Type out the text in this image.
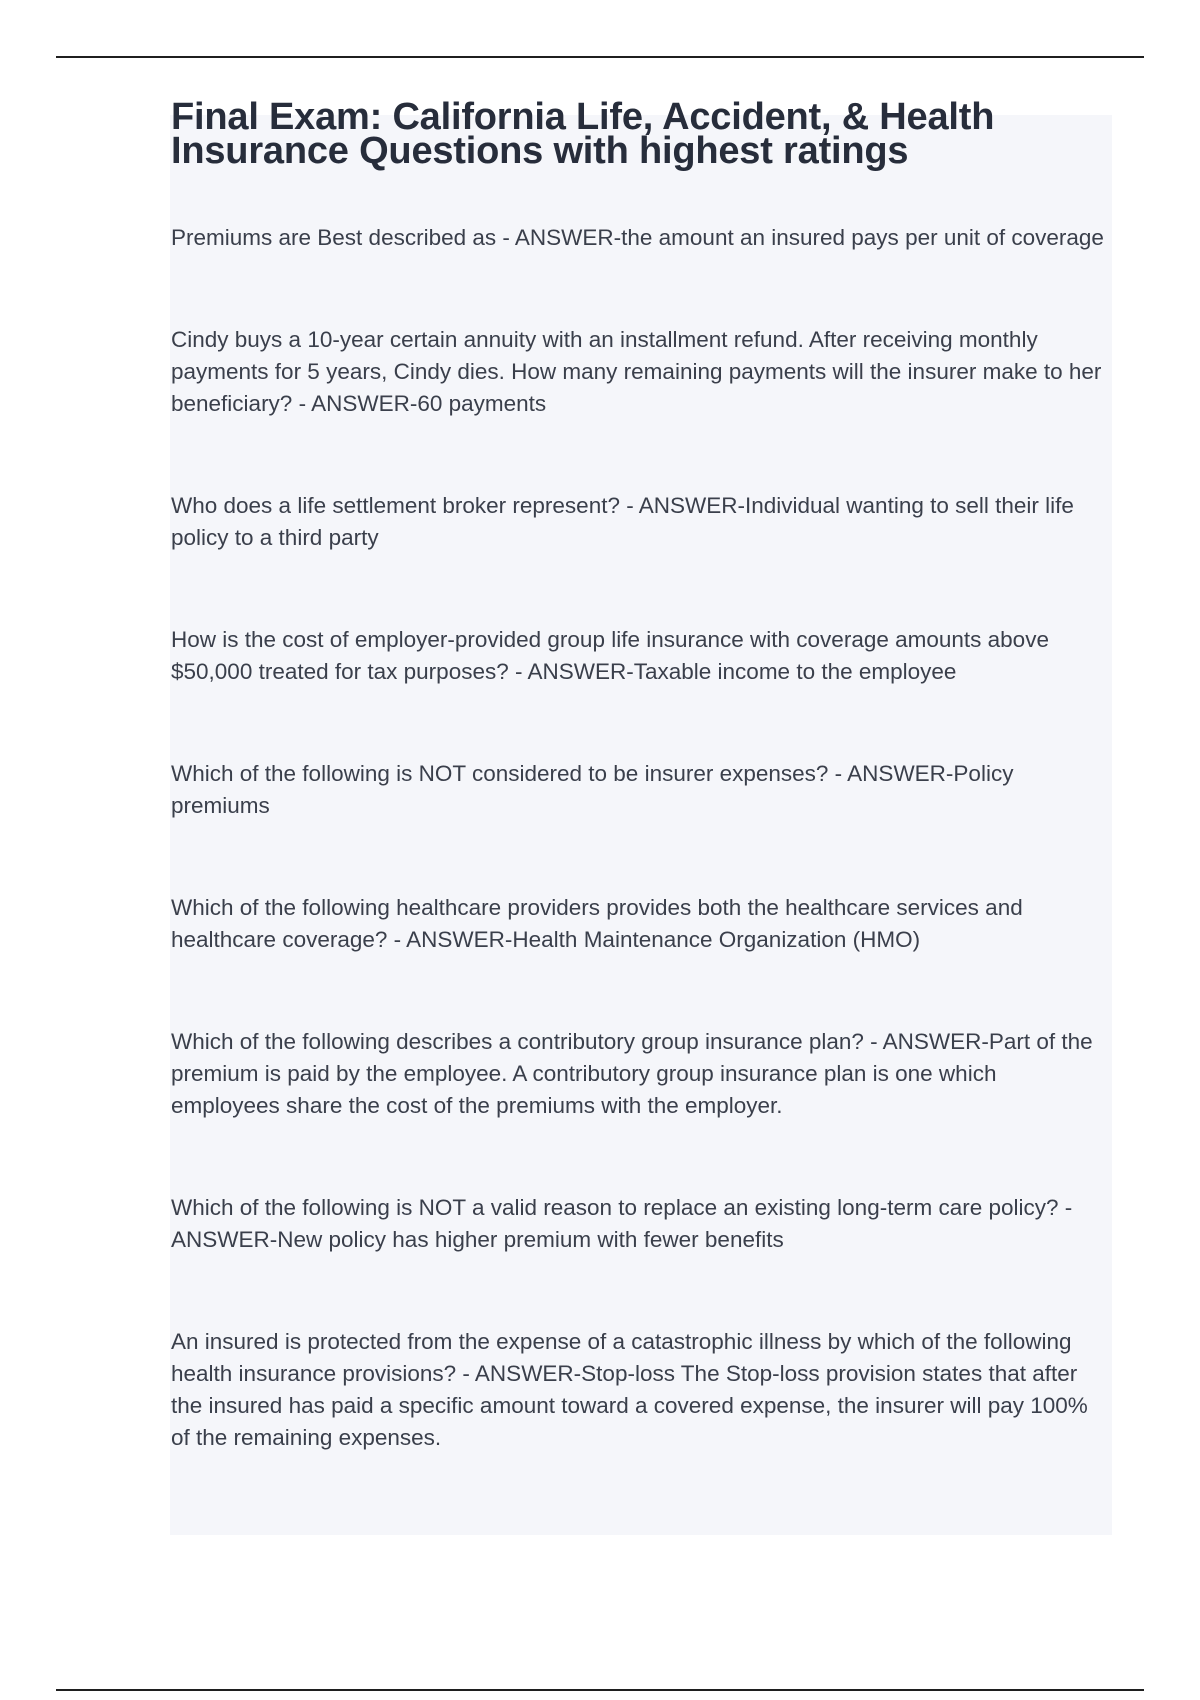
Final Exam: California Life, Accident, & Health Insurance Questions with highest ratings

Premiums are Best described as - ANSWER-the amount an insured pays per unit of coverage

Cindy buys a 10-year certain annuity with an installment refund. After receiving monthly payments for 5 years, Cindy dies. How many remaining payments will the insurer make to her beneficiary? - ANSWER-60 payments

Who does a life settlement broker represent? - ANSWER-Individual wanting to sell their life policy to a third party

How is the cost of employer-provided group life insurance with coverage amounts above $50,000 treated for tax purposes? - ANSWER-Taxable income to the employee

Which of the following is NOT considered to be insurer expenses? - ANSWER-Policy premiums

Which of the following healthcare providers provides both the healthcare services and healthcare coverage? - ANSWER-Health Maintenance Organization (HMO)

Which of the following describes a contributory group insurance plan? - ANSWER-Part of the premium is paid by the employee. A contributory group insurance plan is one which employees share the cost of the premiums with the employer.

Which of the following is NOT a valid reason to replace an existing long-term care policy? - ANSWER-New policy has higher premium with fewer benefits

An insured is protected from the expense of a catastrophic illness by which of the following health insurance provisions? - ANSWER-Stop-loss The Stop-loss provision states that after the insured has paid a specific amount toward a covered expense, the insurer will pay 100% of the remaining expenses.
